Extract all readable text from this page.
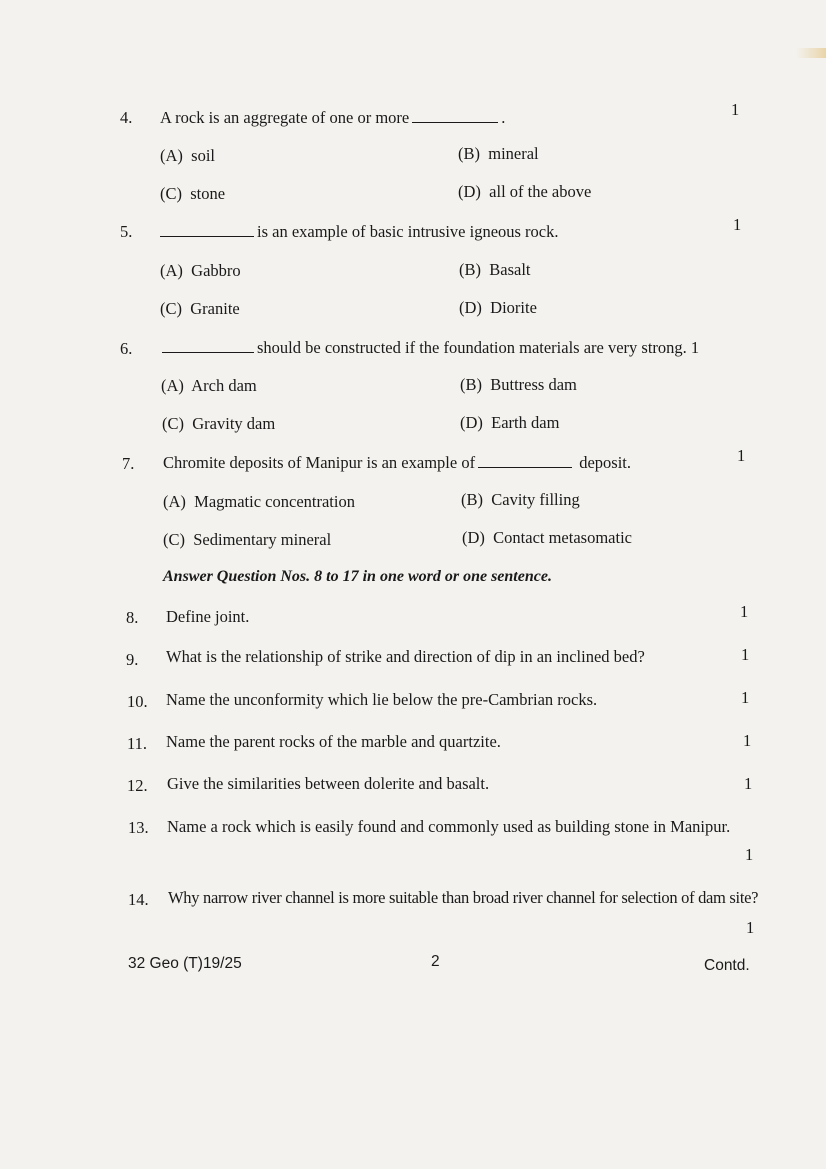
4. A rock is an aggregate of one or more	.	1
(A) soil	(B) mineral
(C) stone	(D) all of the above
5.	is an example of basic intrusive igneous rock.	1
(A) Gabbro	(B) Basalt
(C) Granite	(D) Diorite
6.	should be constructed if the foundation materials are very strong. 1
(A) Arch dam	(B) Buttress dam
(C) Gravity dam	(D) Earth dam
7. Chromite deposits of Manipur is an example of	deposit.	1
(A) Magmatic concentration	(B) Cavity filling
(C) Sedimentary mineral	(D) Contact metasomatic
Answer Question Nos. 8 to 17 in one word or one sentence.
8. Define joint.	1
9. What is the relationship of strike and direction of dip in an inclined bed?	1
10. Name the unconformity which lie below the pre-Cambrian rocks.	1
11. Name the parent rocks of the marble and quartzite.	1
12. Give the similarities between dolerite and basalt.	1
13. Name a rock which is easily found and commonly used as building stone in Manipur.
1
14. Why narrow river channel is more suitable than broad river channel for selection of dam site?
1
32 Geo (T)19/25	2	Contd.
